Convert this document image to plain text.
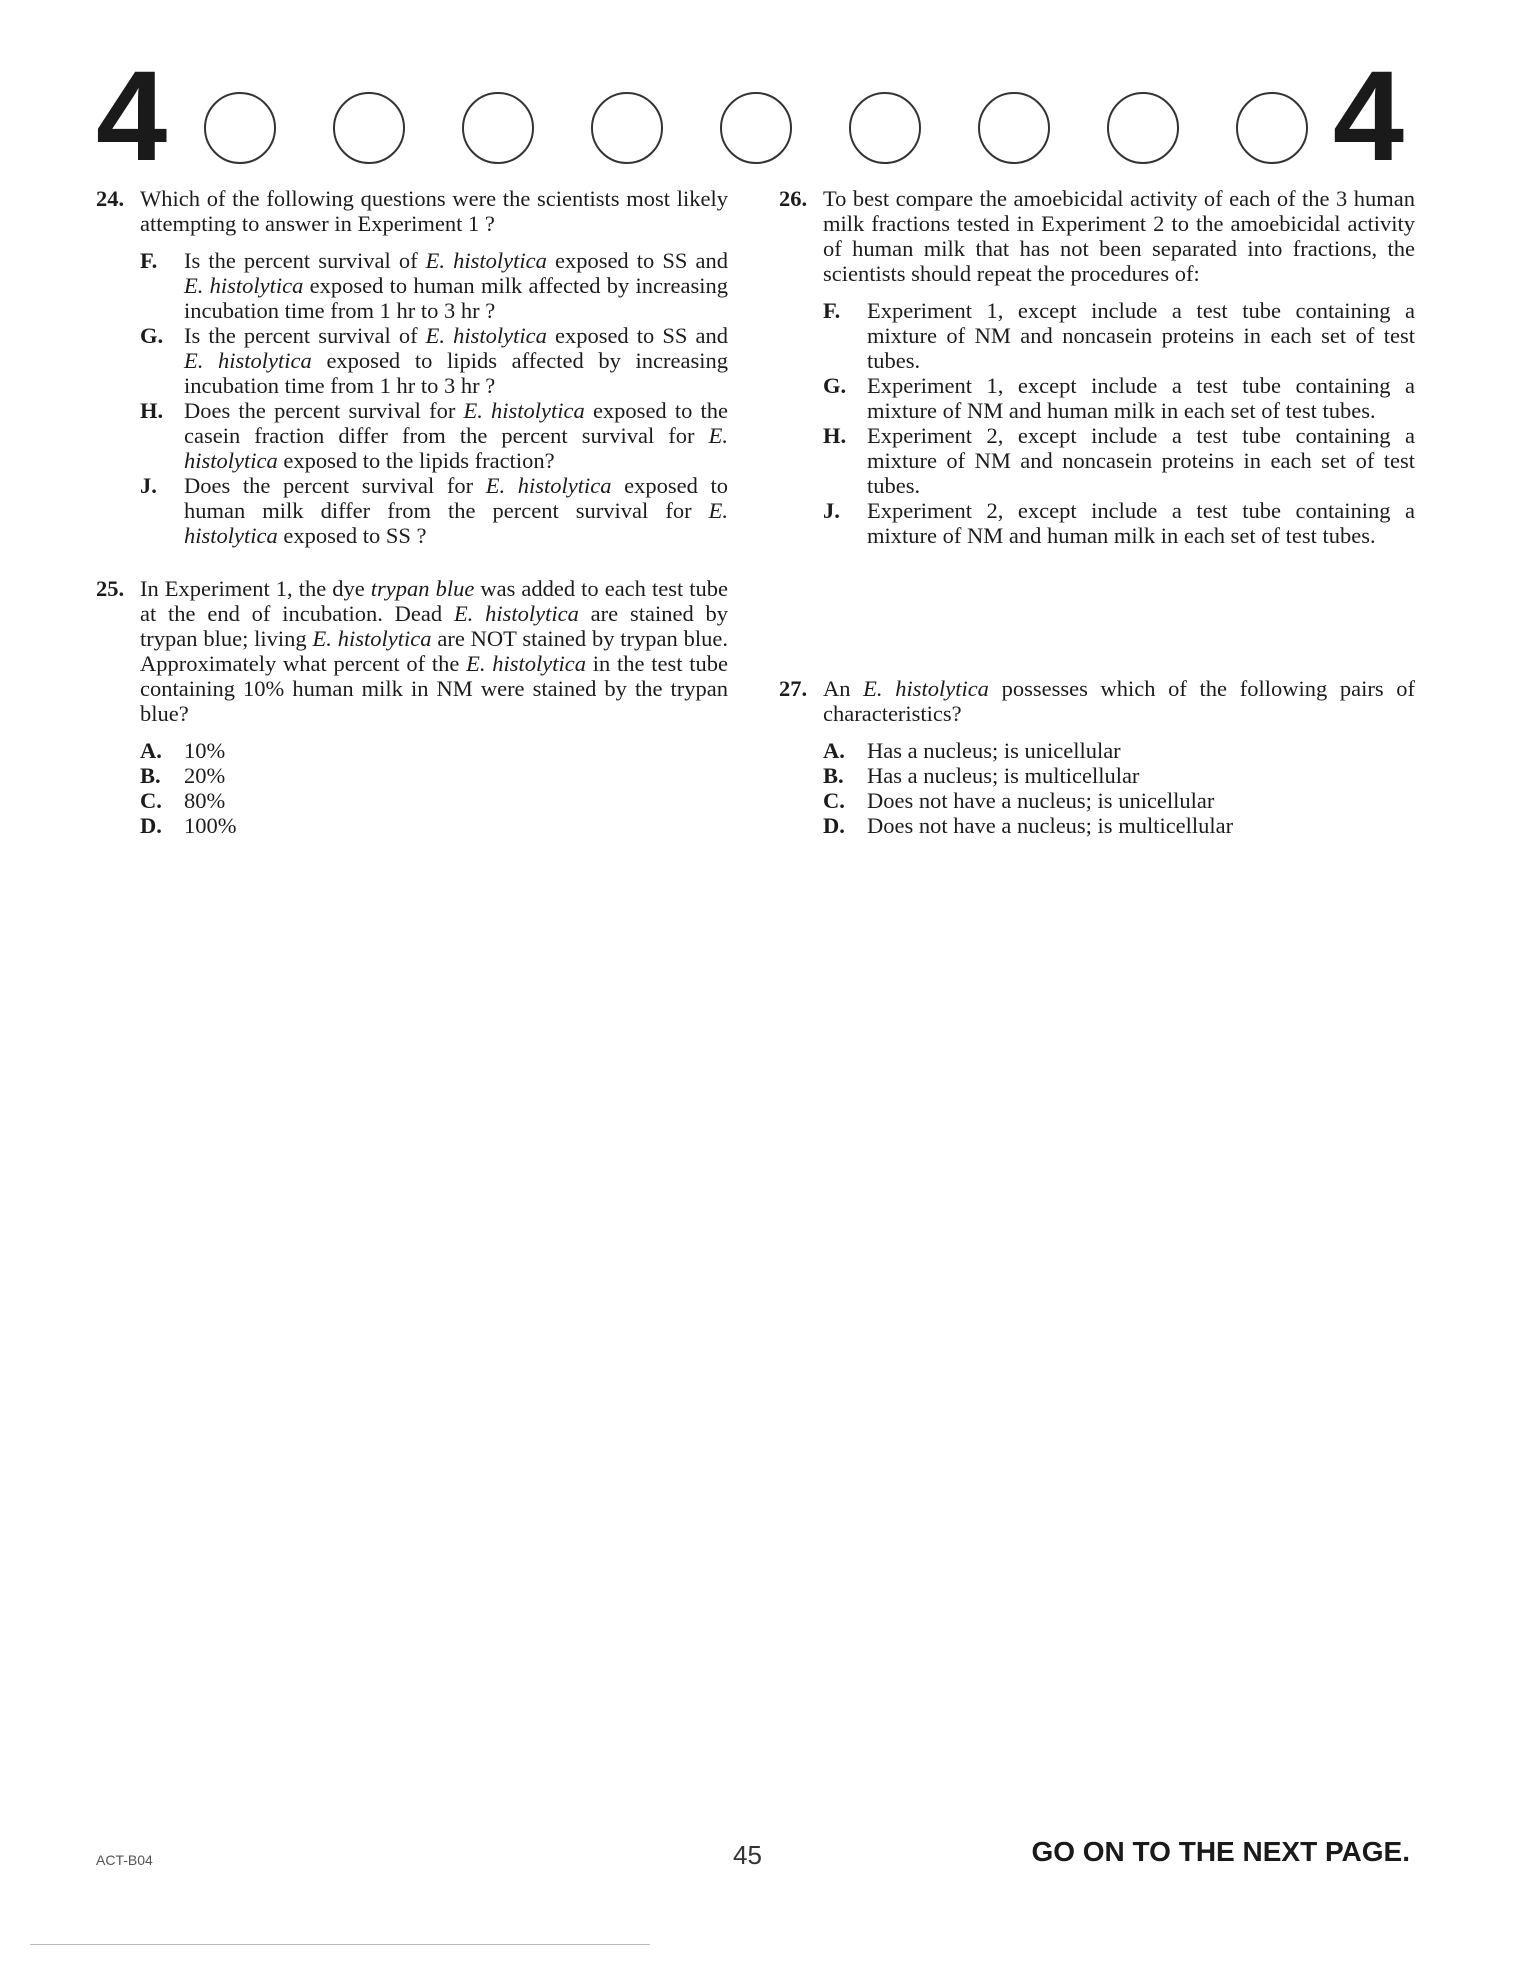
4	4
24. Which of the following questions were the scientists most likely attempting to answer in Experiment 1 ?

F. Is the percent survival of E. histolytica exposed to SS and E. histolytica exposed to human milk affected by increasing incubation time from 1 hr to 3 hr ?
G. Is the percent survival of E. histolytica exposed to SS and E. histolytica exposed to lipids affected by increasing incubation time from 1 hr to 3 hr ?
H. Does the percent survival for E. histolytica exposed to the casein fraction differ from the percent survival for E. histolytica exposed to the lipids fraction?
J. Does the percent survival for E. histolytica exposed to human milk differ from the percent survival for E. histolytica exposed to SS ?
25. In Experiment 1, the dye trypan blue was added to each test tube at the end of incubation. Dead E. histolytica are stained by trypan blue; living E. histolytica are NOT stained by trypan blue. Approximately what percent of the E. histolytica in the test tube containing 10% human milk in NM were stained by the trypan blue?

A. 10%
B. 20%
C. 80%
D. 100%
26. To best compare the amoebicidal activity of each of the 3 human milk fractions tested in Experiment 2 to the amoebicidal activity of human milk that has not been separated into fractions, the scientists should repeat the procedures of:

F. Experiment 1, except include a test tube containing a mixture of NM and noncasein proteins in each set of test tubes.
G. Experiment 1, except include a test tube containing a mixture of NM and human milk in each set of test tubes.
H. Experiment 2, except include a test tube containing a mixture of NM and noncasein proteins in each set of test tubes.
J. Experiment 2, except include a test tube containing a mixture of NM and human milk in each set of test tubes.
27. An E. histolytica possesses which of the following pairs of characteristics?

A. Has a nucleus; is unicellular
B. Has a nucleus; is multicellular
C. Does not have a nucleus; is unicellular
D. Does not have a nucleus; is multicellular
ACT-B04	45	GO ON TO THE NEXT PAGE.
